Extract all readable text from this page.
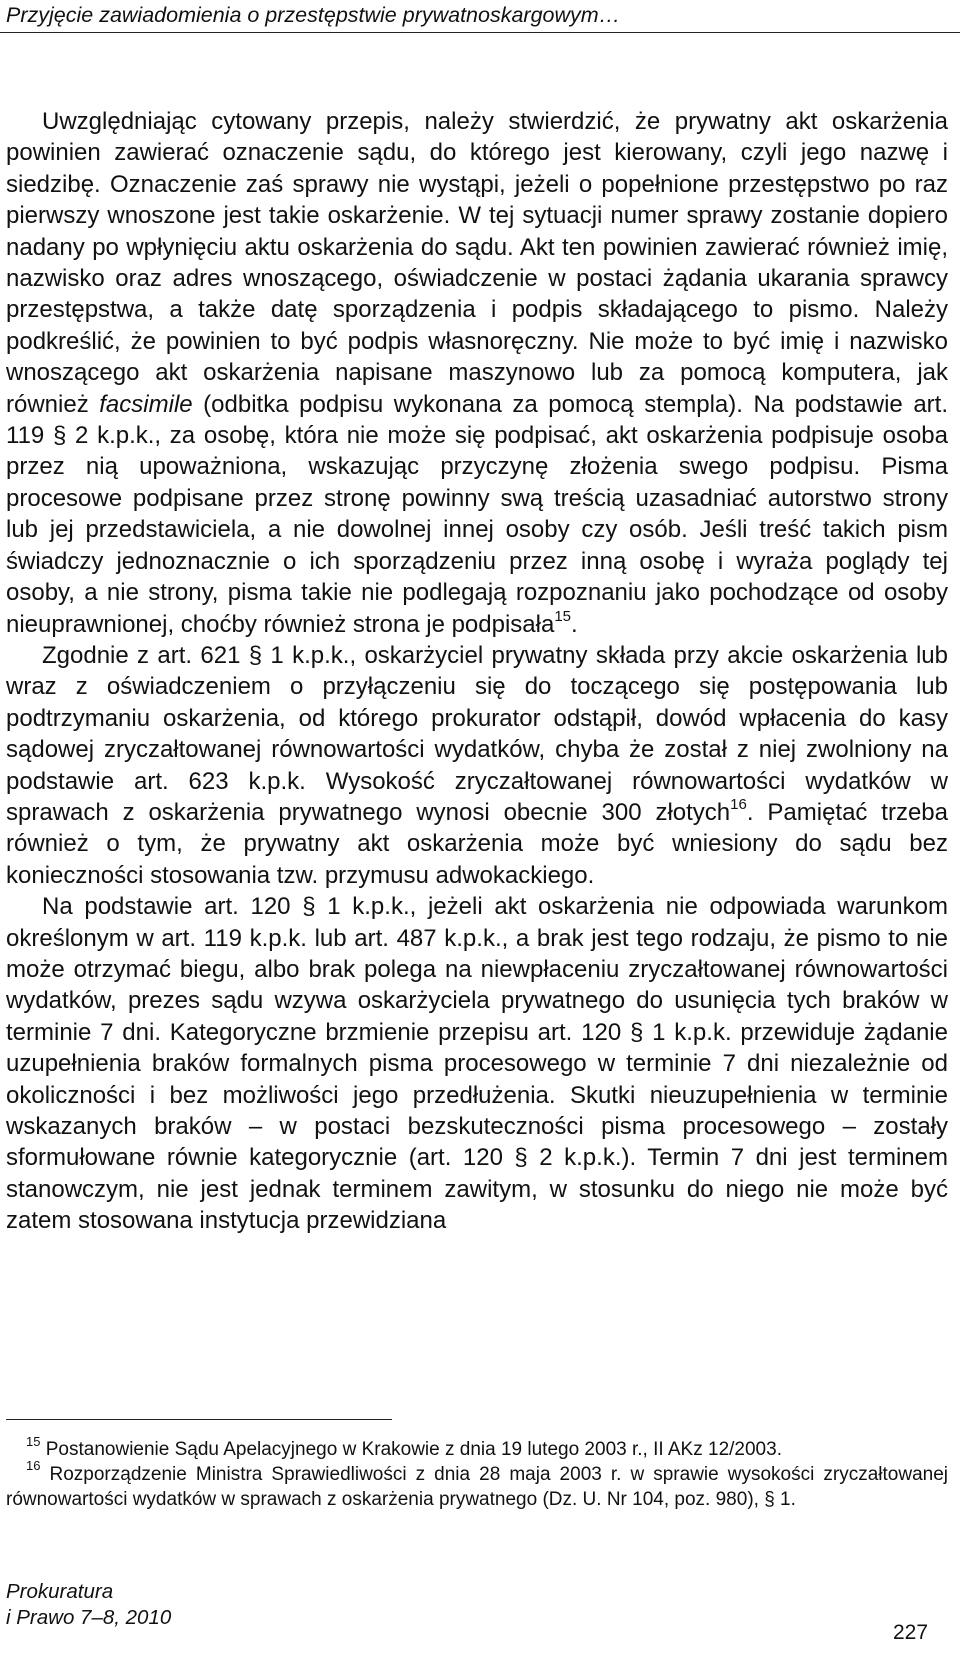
Przyjęcie zawiadomienia o przestępstwie prywatnoskargowym…

Uwzględniając cytowany przepis, należy stwierdzić, że prywatny akt oskarżenia powinien zawierać oznaczenie sądu, do którego jest kierowany, czyli jego nazwę i siedzibę. Oznaczenie zaś sprawy nie wystąpi, jeżeli o popełnione przestępstwo po raz pierwszy wnoszone jest takie oskarżenie. W tej sytuacji numer sprawy zostanie dopiero nadany po wpłynięciu aktu oskarżenia do sądu. Akt ten powinien zawierać również imię, nazwisko oraz adres wnoszącego, oświadczenie w postaci żądania ukarania sprawcy przestępstwa, a także datę sporządzenia i podpis składającego to pismo. Należy podkreślić, że powinien to być podpis własnoręczny. Nie może to być imię i nazwisko wnoszącego akt oskarżenia napisane maszynowo lub za pomocą komputera, jak również facsimile (odbitka podpisu wykonana za pomocą stempla). Na podstawie art. 119 § 2 k.p.k., za osobę, która nie może się podpisać, akt oskarżenia podpisuje osoba przez nią upoważniona, wskazując przyczynę złożenia swego podpisu. Pisma procesowe podpisane przez stronę powinny swą treścią uzasadniać autorstwo strony lub jej przedstawiciela, a nie dowolnej innej osoby czy osób. Jeśli treść takich pism świadczy jednoznacznie o ich sporządzeniu przez inną osobę i wyraża poglądy tej osoby, a nie strony, pisma takie nie podlegają rozpoznaniu jako pochodzące od osoby nieuprawnionej, choćby również strona je podpisała$^{15}$.

Zgodnie z art. 621 § 1 k.p.k., oskarżyciel prywatny składa przy akcie oskarżenia lub wraz z oświadczeniem o przyłączeniu się do toczącego się postępowania lub podtrzymaniu oskarżenia, od którego prokurator odstąpił, dowód wpłacenia do kasy sądowej zryczałtowanej równowartości wydatków, chyba że został z niej zwolniony na podstawie art. 623 k.p.k. Wysokość zryczałtowanej równowartości wydatków w sprawach z oskarżenia prywatnego wynosi obecnie 300 złotych$^{16}$. Pamiętać trzeba również o tym, że prywatny akt oskarżenia może być wniesiony do sądu bez konieczności stosowania tzw. przymusu adwokackiego.

Na podstawie art. 120 § 1 k.p.k., jeżeli akt oskarżenia nie odpowiada warunkom określonym w art. 119 k.p.k. lub art. 487 k.p.k., a brak jest tego rodzaju, że pismo to nie może otrzymać biegu, albo brak polega na niewpłaceniu zryczałtowanej równowartości wydatków, prezes sądu wzywa oskarżyciela prywatnego do usunięcia tych braków w terminie 7 dni. Kategoryczne brzmienie przepisu art. 120 § 1 k.p.k. przewiduje żądanie uzupełnienia braków formalnych pisma procesowego w terminie 7 dni niezależnie od okoliczności i bez możliwości jego przedłużenia. Skutki nieuzupełnienia w terminie wskazanych braków – w postaci bezskuteczności pisma procesowego – zostały sformułowane równie kategorycznie (art. 120 § 2 k.p.k.). Termin 7 dni jest terminem stanowczym, nie jest jednak terminem zawitym, w stosunku do niego nie może być zatem stosowana instytucja przewidziana

$^{15}$ Postanowienie Sądu Apelacyjnego w Krakowie z dnia 19 lutego 2003 r., II AKz 12/2003.

$^{16}$ Rozporządzenie Ministra Sprawiedliwości z dnia 28 maja 2003 r. w sprawie wysokości zryczałtowanej równowartości wydatków w sprawach z oskarżenia prywatnego (Dz. U. Nr 104, poz. 980), § 1.

Prokuratura
i Prawo 7–8, 2010
227
